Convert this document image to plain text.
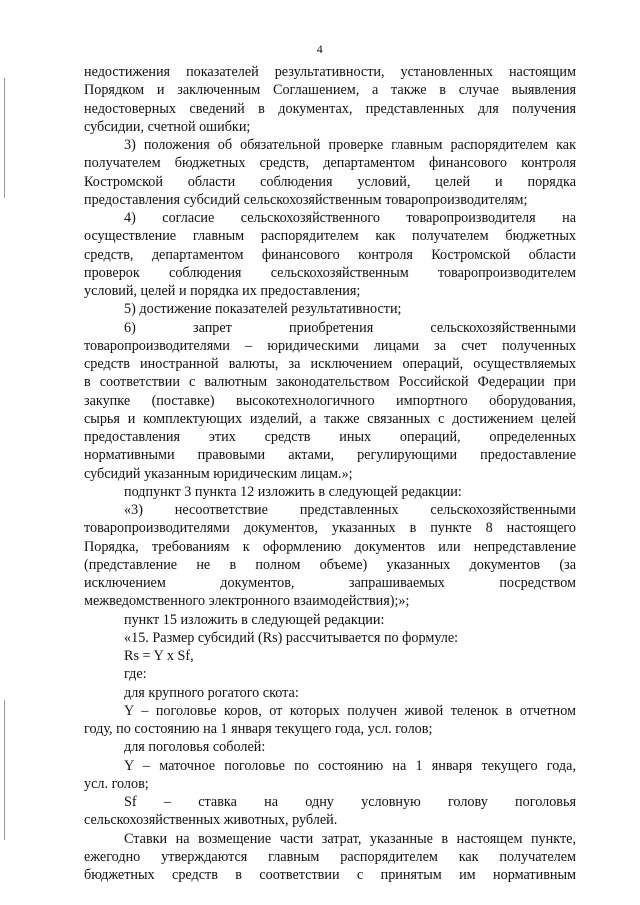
4
недостижения показателей результативности, установленных настоящим
Порядком и заключенным Соглашением, а также в случае выявления
недостоверных сведений в документах, представленных для получения
субсидии, счетной ошибки;
3) положения об обязательной проверке главным распорядителем как
получателем бюджетных средств, департаментом финансового контроля
Костромской области соблюдения условий, целей и порядка
предоставления субсидий сельскохозяйственным товаропроизводителям;
4) согласие сельскохозяйственного товаропроизводителя на
осуществление главным распорядителем как получателем бюджетных
средств, департаментом финансового контроля Костромской области
проверок соблюдения сельскохозяйственным товаропроизводителем
условий, целей и порядка их предоставления;
5) достижение показателей результативности;
6) запрет приобретения сельскохозяйственными
товаропроизводителями – юридическими лицами за счет полученных
средств иностранной валюты, за исключением операций, осуществляемых
в соответствии с валютным законодательством Российской Федерации при
закупке (поставке) высокотехнологичного импортного оборудования,
сырья и комплектующих изделий, а также связанных с достижением целей
предоставления этих средств иных операций, определенных
нормативными правовыми актами, регулирующими предоставление
субсидий указанным юридическим лицам.»;
подпункт 3 пункта 12 изложить в следующей редакции:
«3) несоответствие представленных сельскохозяйственными
товаропроизводителями документов, указанных в пункте 8 настоящего
Порядка, требованиям к оформлению документов или непредставление
(представление не в полном объеме) указанных документов (за
исключением документов, запрашиваемых посредством
межведомственного электронного взаимодействия);»;
пункт 15 изложить в следующей редакции:
«15. Размер субсидий (Rs) рассчитывается по формуле:
Rs = Y x Sf,
где:
для крупного рогатого скота:
Y – поголовье коров, от которых получен живой теленок в отчетном
году, по состоянию на 1 января текущего года, усл. голов;
для поголовья соболей:
Y – маточное поголовье по состоянию на 1 января текущего года,
усл. голов;
Sf – ставка на одну условную голову поголовья
сельскохозяйственных животных, рублей.
Ставки на возмещение части затрат, указанные в настоящем пункте,
ежегодно утверждаются главным распорядителем как получателем
бюджетных средств в соответствии с принятым им нормативным
